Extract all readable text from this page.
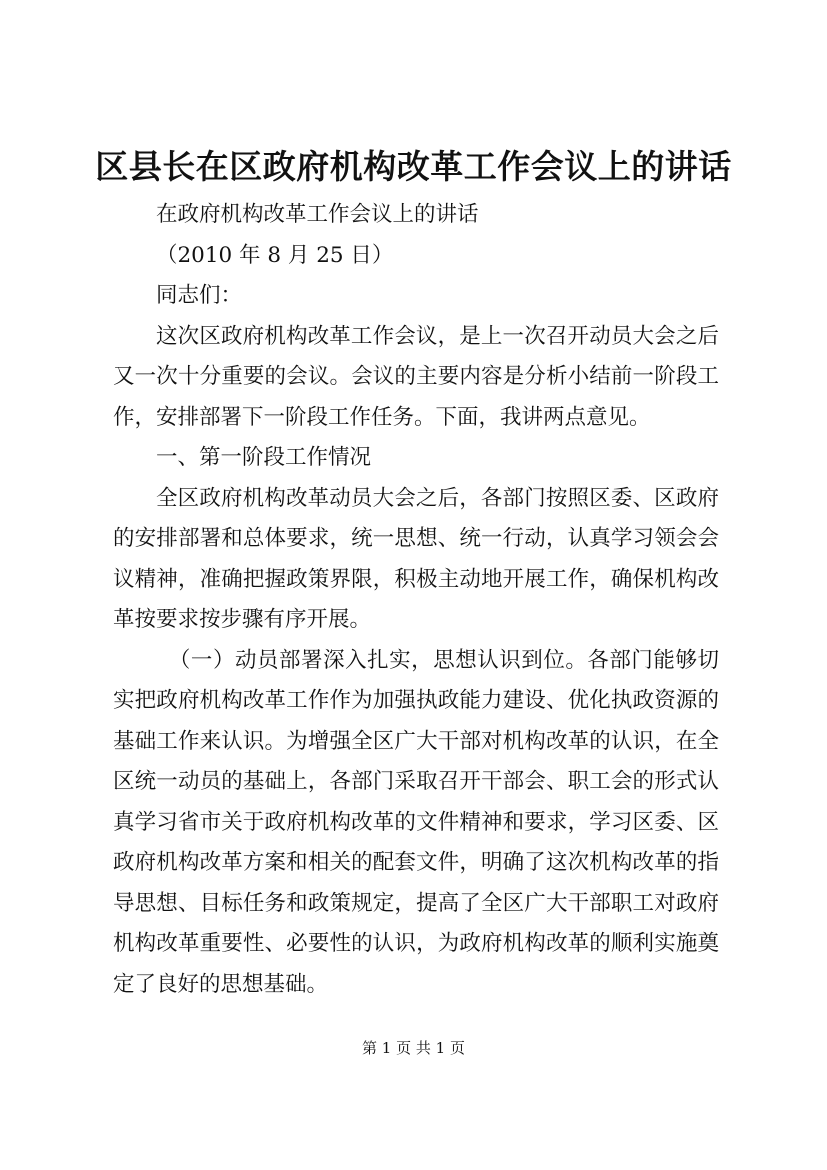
区县长在区政府机构改革工作会议上的讲话

在政府机构改革工作会议上的讲话

（2010 年 8 月 25 日）

同志们：

这次区政府机构改革工作会议，是上一次召开动员大会之后又一次十分重要的会议。会议的主要内容是分析小结前一阶段工作，安排部署下一阶段工作任务。下面，我讲两点意见。

一、第一阶段工作情况

全区政府机构改革动员大会之后，各部门按照区委、区政府的安排部署和总体要求，统一思想、统一行动，认真学习领会会议精神，准确把握政策界限，积极主动地开展工作，确保机构改革按要求按步骤有序开展。

（一）动员部署深入扎实，思想认识到位。各部门能够切实把政府机构改革工作作为加强执政能力建设、优化执政资源的基础工作来认识。为增强全区广大干部对机构改革的认识，在全区统一动员的基础上，各部门采取召开干部会、职工会的形式认真学习省市关于政府机构改革的文件精神和要求，学习区委、区政府机构改革方案和相关的配套文件，明确了这次机构改革的指导思想、目标任务和政策规定，提高了全区广大干部职工对政府机构改革重要性、必要性的认识，为政府机构改革的顺利实施奠定了良好的思想基础。

第 1 页 共 1 页
